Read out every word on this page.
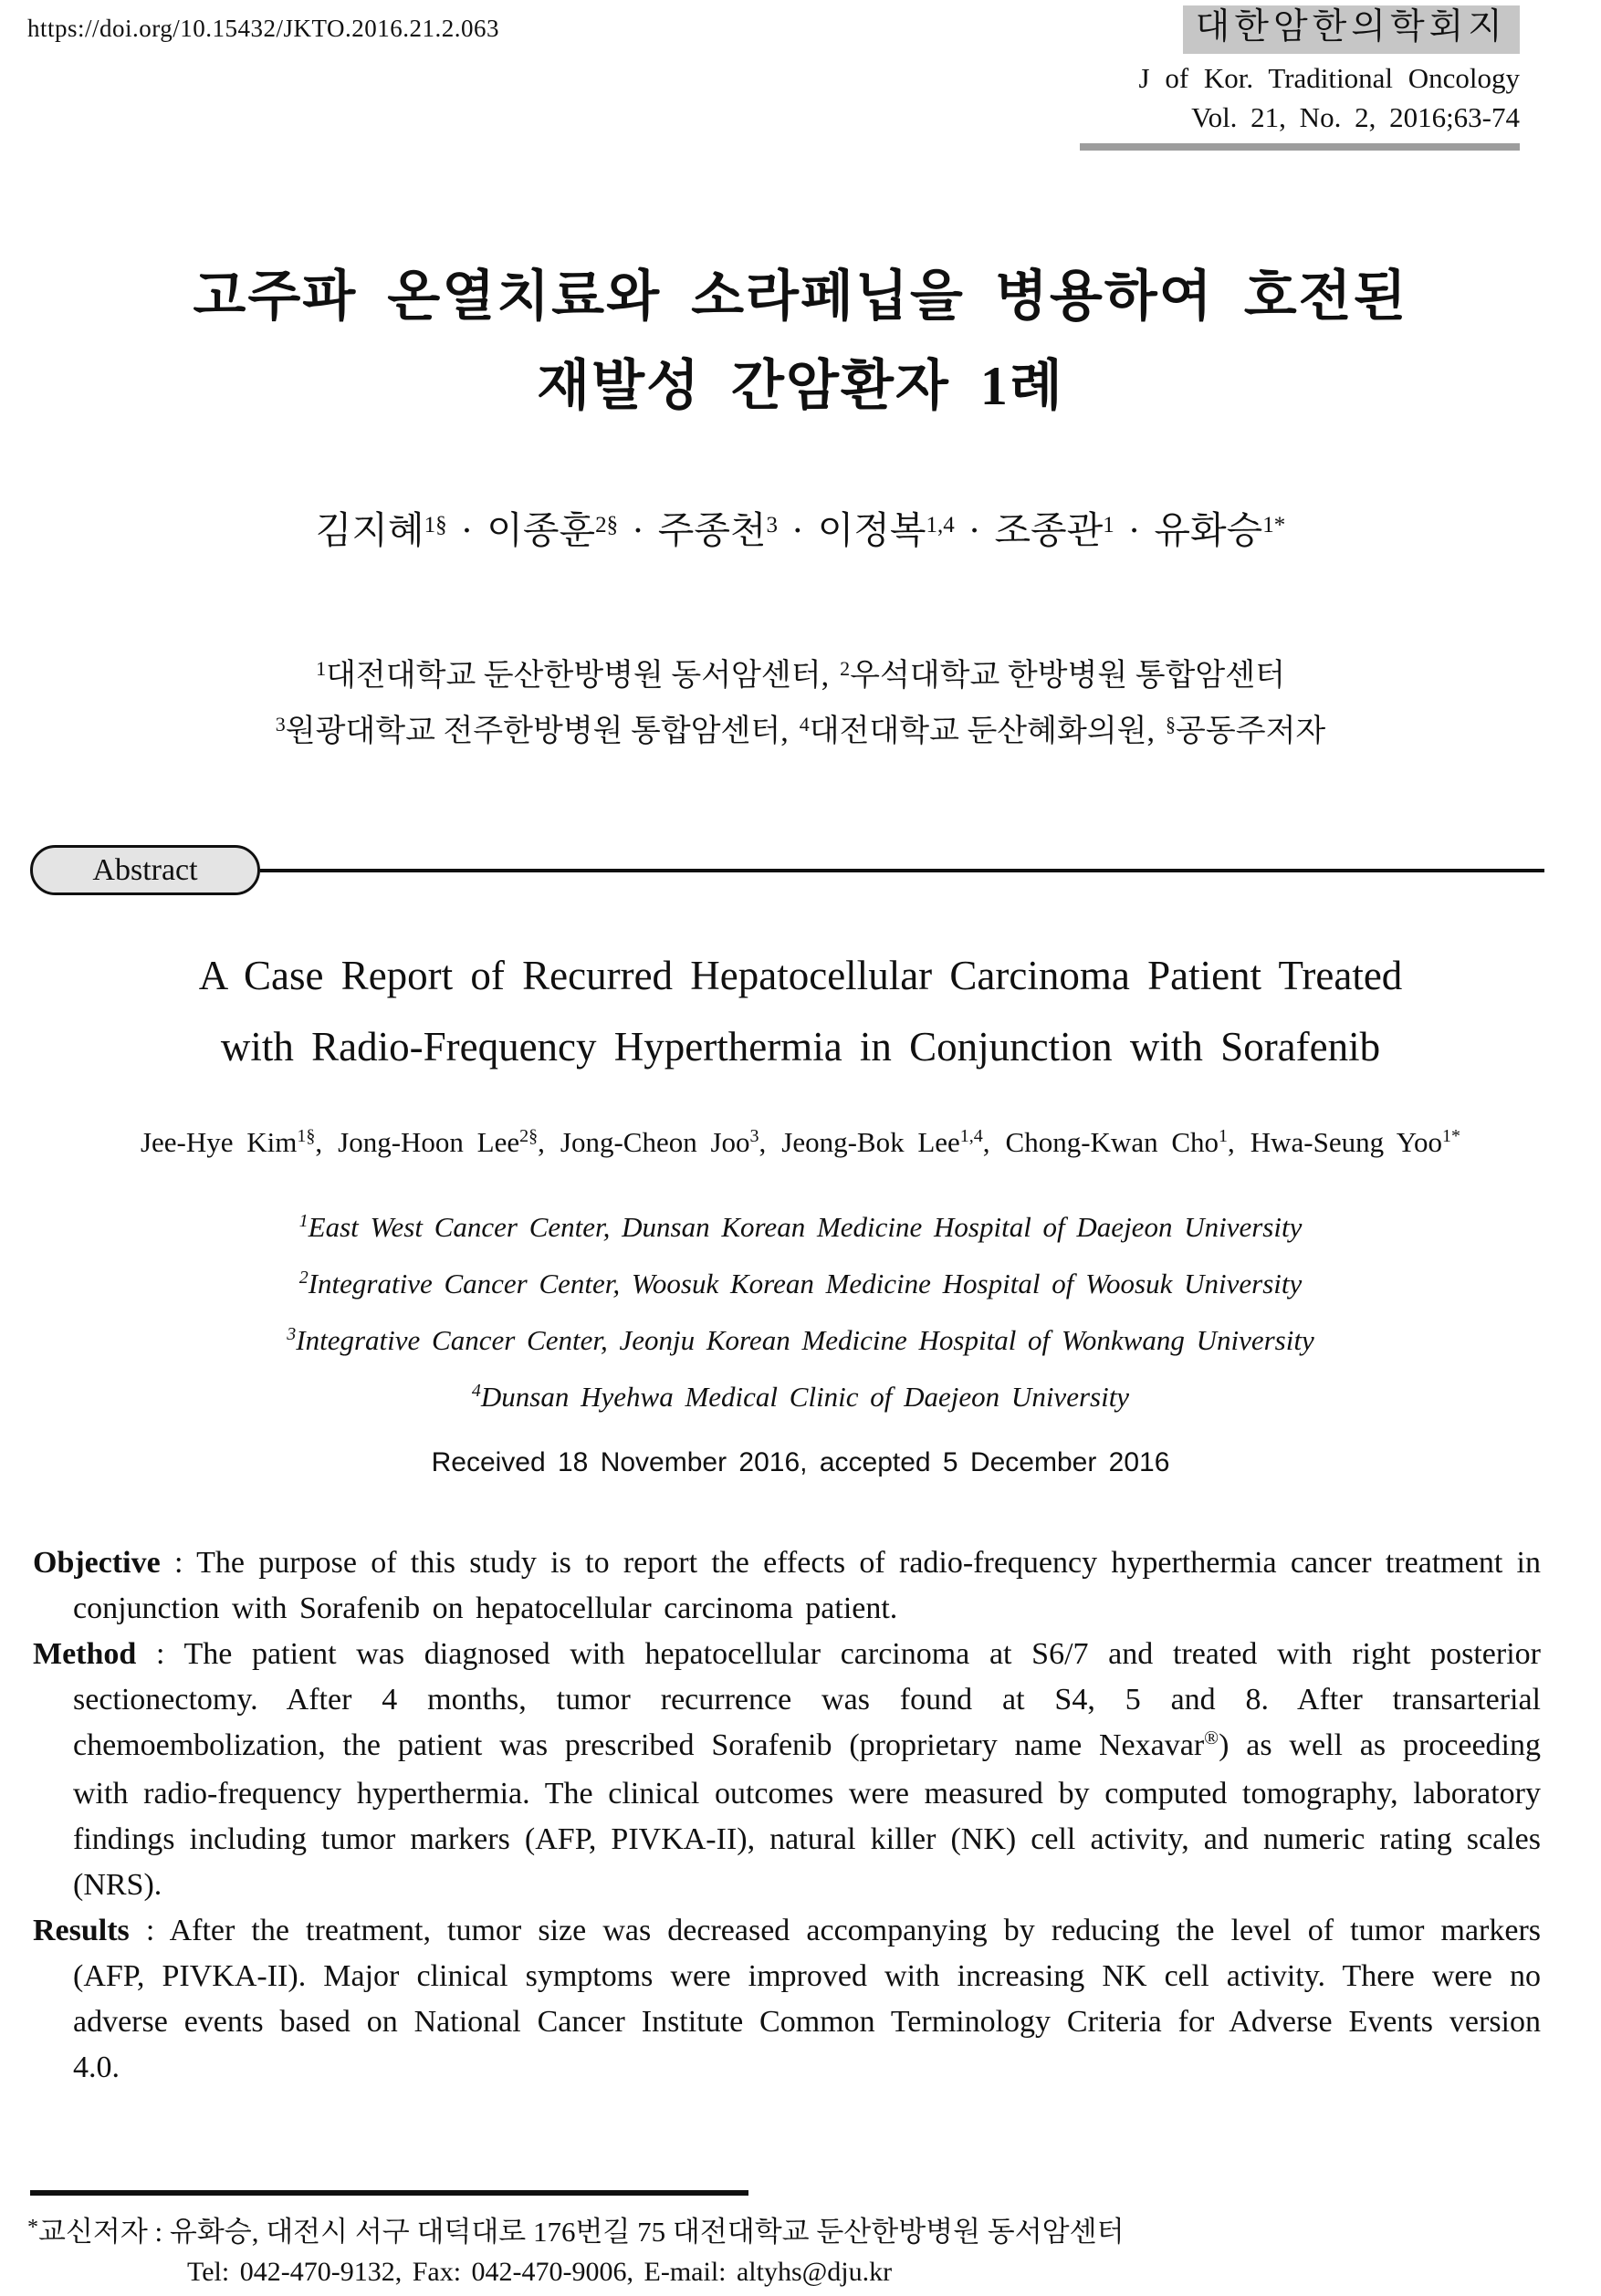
https://doi.org/10.15432/JKTO.2016.21.2.063	대한암한의학회지
J of Kor. Traditional Oncology
Vol. 21, No. 2, 2016;63-74
고주파 온열치료와 소라페닙을 병용하여 호전된
재발성 간암환자 1례
김지혜$^{1\S}$ · 이종훈$^{2\S}$ · 주종천$^3$ · 이정복$^{1,4}$ · 조종관$^1$ · 유화승$^{1*}$
$^1$대전대학교 둔산한방병원 동서암센터, $^2$우석대학교 한방병원 통합암센터
$^3$원광대학교 전주한방병원 통합암센터, $^4$대전대학교 둔산혜화의원, §공동주저자
Abstract
A Case Report of Recurred Hepatocellular Carcinoma Patient Treated
with Radio-Frequency Hyperthermia in Conjunction with Sorafenib
Jee-Hye Kim$^{1\S}$, Jong-Hoon Lee$^{2\S}$, Jong-Cheon Joo$^3$, Jeong-Bok Lee$^{1,4}$, Chong-Kwan Cho$^1$, Hwa-Seung Yoo$^{1*}$
$^1$East West Cancer Center, Dunsan Korean Medicine Hospital of Daejeon University
$^2$Integrative Cancer Center, Woosuk Korean Medicine Hospital of Woosuk University
$^3$Integrative Cancer Center, Jeonju Korean Medicine Hospital of Wonkwang University
$^4$Dunsan Hyehwa Medical Clinic of Daejeon University
Received 18 November 2016, accepted 5 December 2016

Objective : The purpose of this study is to report the effects of radio-frequency hyperthermia cancer treatment in conjunction with Sorafenib on hepatocellular carcinoma patient.

Method : The patient was diagnosed with hepatocellular carcinoma at S6/7 and treated with right posterior sectionectomy. After 4 months, tumor recurrence was found at S4, 5 and 8. After transarterial chemoembolization, the patient was prescribed Sorafenib (proprietary name Nexavar®) as well as proceeding with radio-frequency hyperthermia. The clinical outcomes were measured by computed tomography, laboratory findings including tumor markers (AFP, PIVKA-II), natural killer (NK) cell activity, and numeric rating scales (NRS).

Results : After the treatment, tumor size was decreased accompanying by reducing the level of tumor markers (AFP, PIVKA-II). Major clinical symptoms were improved with increasing NK cell activity. There were no adverse events based on National Cancer Institute Common Terminology Criteria for Adverse Events version 4.0.

*교신저자 : 유화승, 대전시 서구 대덕대로 176번길 75 대전대학교 둔산한방병원 동서암센터
Tel: 042-470-9132, Fax: 042-470-9006, E-mail: altyhs@dju.kr
